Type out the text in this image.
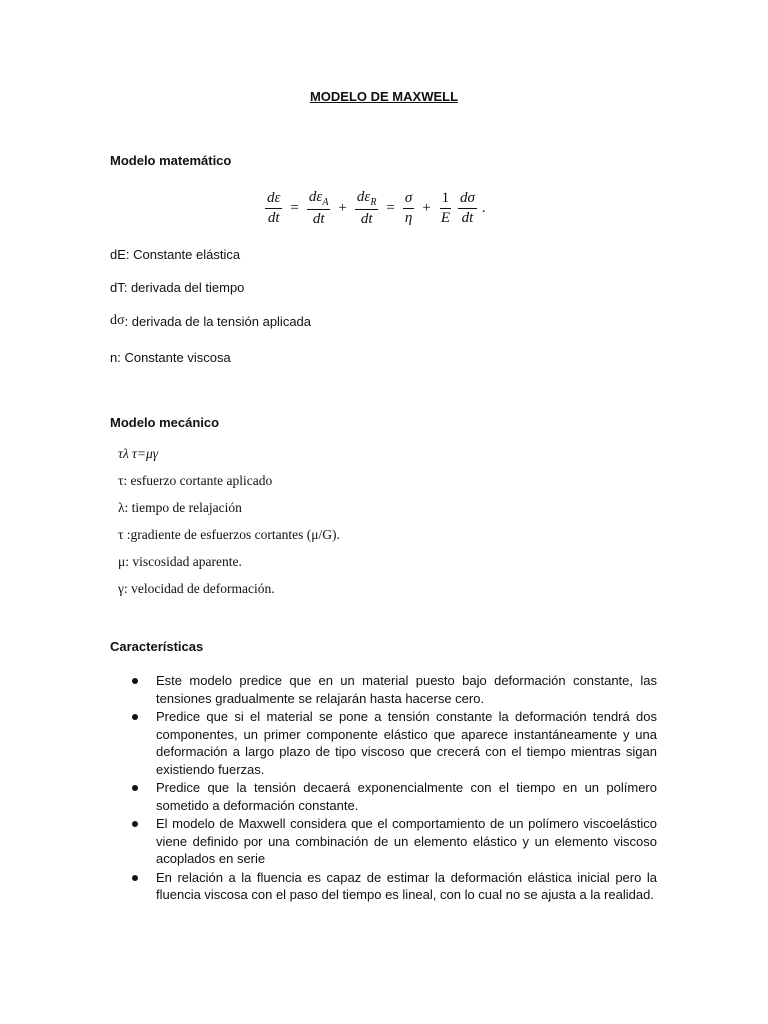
MODELO DE MAXWELL
Modelo matemático
$\frac{d\varepsilon}{dt} = \frac{d\varepsilon_A}{dt} + \frac{d\varepsilon_R}{dt} = \frac{\sigma}{\eta} + \frac{1}{E} \frac{d\sigma}{dt}$ .
dE: Constante elástica
dT: derivada del tiempo
dσ: derivada de la tensión aplicada
n: Constante viscosa
Modelo mecánico
τλ τ=μγ
τ: esfuerzo cortante aplicado
λ: tiempo de relajación
τ :gradiente de esfuerzos cortantes (μ/G).
μ: viscosidad aparente.
γ: velocidad de deformación.
Características
Este modelo predice que en un material puesto bajo deformación constante, las tensiones gradualmente se relajarán hasta hacerse cero.
Predice que si el material se pone a tensión constante la deformación tendrá dos componentes, un primer componente elástico que aparece instantáneamente y una deformación a largo plazo de tipo viscoso que crecerá con el tiempo mientras sigan existiendo fuerzas.
Predice que la tensión decaerá exponencialmente con el tiempo en un polímero sometido a deformación constante.
El modelo de Maxwell considera que el comportamiento de un polímero viscoelástico viene definido por una combinación de un elemento elástico y un elemento viscoso acoplados en serie
En relación a la fluencia es capaz de estimar la deformación elástica inicial pero la fluencia viscosa con el paso del tiempo es lineal, con lo cual no se ajusta a la realidad.
